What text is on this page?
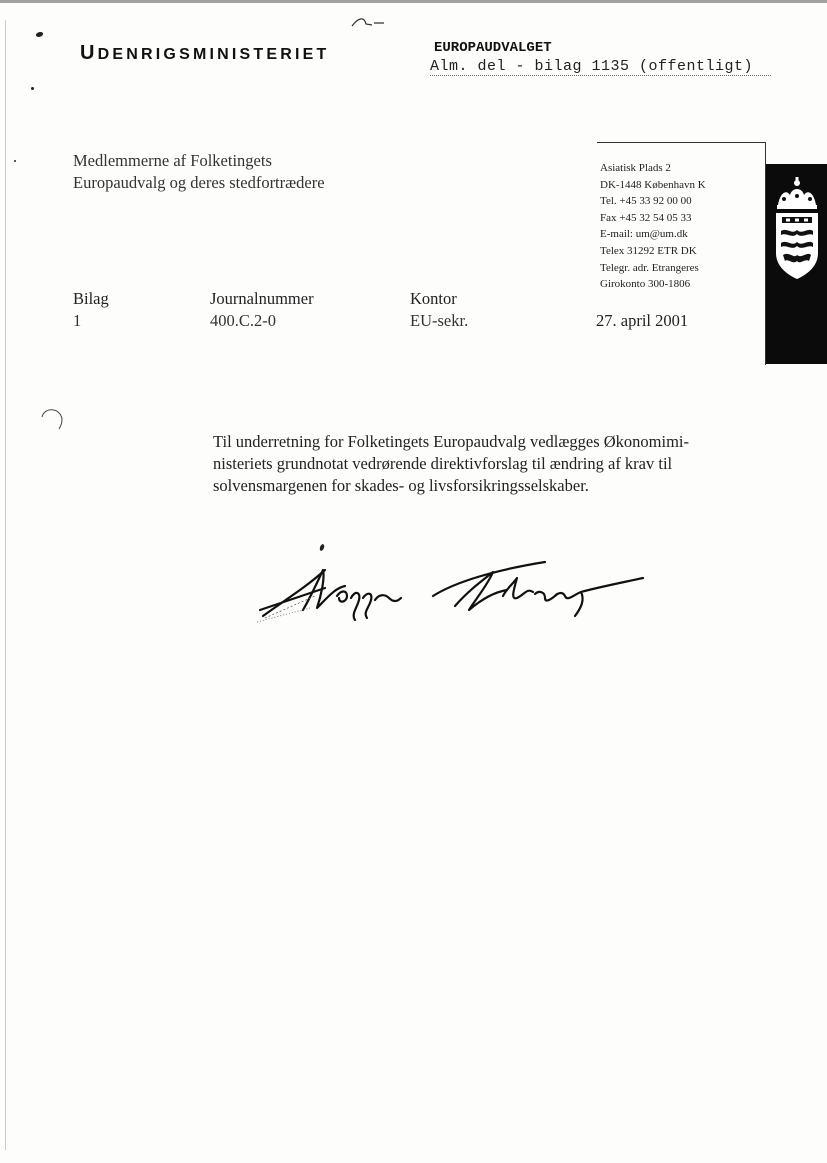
UDENRIGSMINISTERIET	EUROPAUDVALGET
Alm. del - bilag 1135 (offentligt)
Medlemmerne af Folketingets
Europaudvalg og deres stedfortrædere
Asiatisk Plads 2
DK-1448 København K
Tel. +45 33 92 00 00
Fax +45 32 54 05 33
E-mail: um@um.dk
Telex 31292 ETR DK
Telegr. adr. Etrangeres
Girokonto 300-1806
Bilag
1
Journalnummer
400.C.2-0
Kontor
EU-sekr.	27. april 2001
Til underretning for Folketingets Europaudvalg vedlægges Økonomimi-
nisteriets grundnotat vedrørende direktivforslag til ændring af krav til
solvensmargenen for skades- og livsforsikringsselskaber.
